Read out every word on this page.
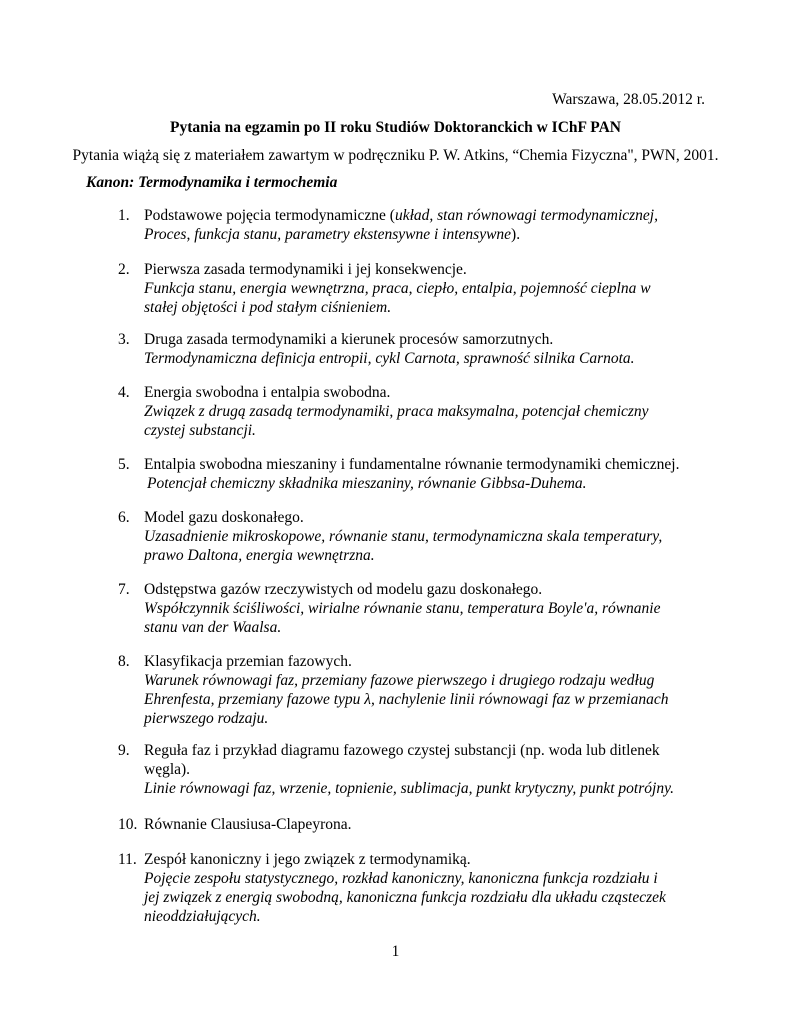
Warszawa, 28.05.2012 r.
Pytania na egzamin po II roku Studiów Doktoranckich w IChF PAN
Pytania wiążą się z materiałem zawartym w podręczniku P. W. Atkins, “Chemia Fizyczna", PWN, 2001.
Kanon: Termodynamika i termochemia
1. Podstawowe pojęcia termodynamiczne (układ, stan równowagi termodynamicznej, Proces, funkcja stanu, parametry ekstensywne i intensywne).
2. Pierwsza zasada termodynamiki i jej konsekwencje.
Funkcja stanu, energia wewnętrzna, praca, ciepło, entalpia, pojemność cieplna w stałej objętości i pod stałym ciśnieniem.
3. Druga zasada termodynamiki a kierunek procesów samorzutnych.
Termodynamiczna definicja entropii, cykl Carnota, sprawność silnika Carnota.
4. Energia swobodna i entalpia swobodna.
Związek z drugą zasadą termodynamiki, praca maksymalna, potencjał chemiczny czystej substancji.
5. Entalpia swobodna mieszaniny i fundamentalne równanie termodynamiki chemicznej.
Potencjał chemiczny składnika mieszaniny, równanie Gibbsa-Duhema.
6. Model gazu doskonałego.
Uzasadnienie mikroskopowe, równanie stanu, termodynamiczna skala temperatury, prawo Daltona, energia wewnętrzna.
7. Odstępstwa gazów rzeczywistych od modelu gazu doskonałego.
Współczynnik ściśliwości, wirialne równanie stanu, temperatura Boyle'a, równanie stanu van der Waalsa.
8. Klasyfikacja przemian fazowych.
Warunek równowagi faz, przemiany fazowe pierwszego i drugiego rodzaju według Ehrenfesta, przemiany fazowe typu λ, nachylenie linii równowagi faz w przemianach pierwszego rodzaju.
9. Reguła faz i przykład diagramu fazowego czystej substancji (np. woda lub ditlenek węgla).
Linie równowagi faz, wrzenie, topnienie, sublimacja, punkt krytyczny, punkt potrójny.
10. Równanie Clausiusa-Clapeyrona.
11. Zespół kanoniczny i jego związek z termodynamiką.
Pojęcie zespołu statystycznego, rozkład kanoniczny, kanoniczna funkcja rozdziału i jej związek z energią swobodną, kanoniczna funkcja rozdziału dla układu cząsteczek nieoddziałujących.
1
